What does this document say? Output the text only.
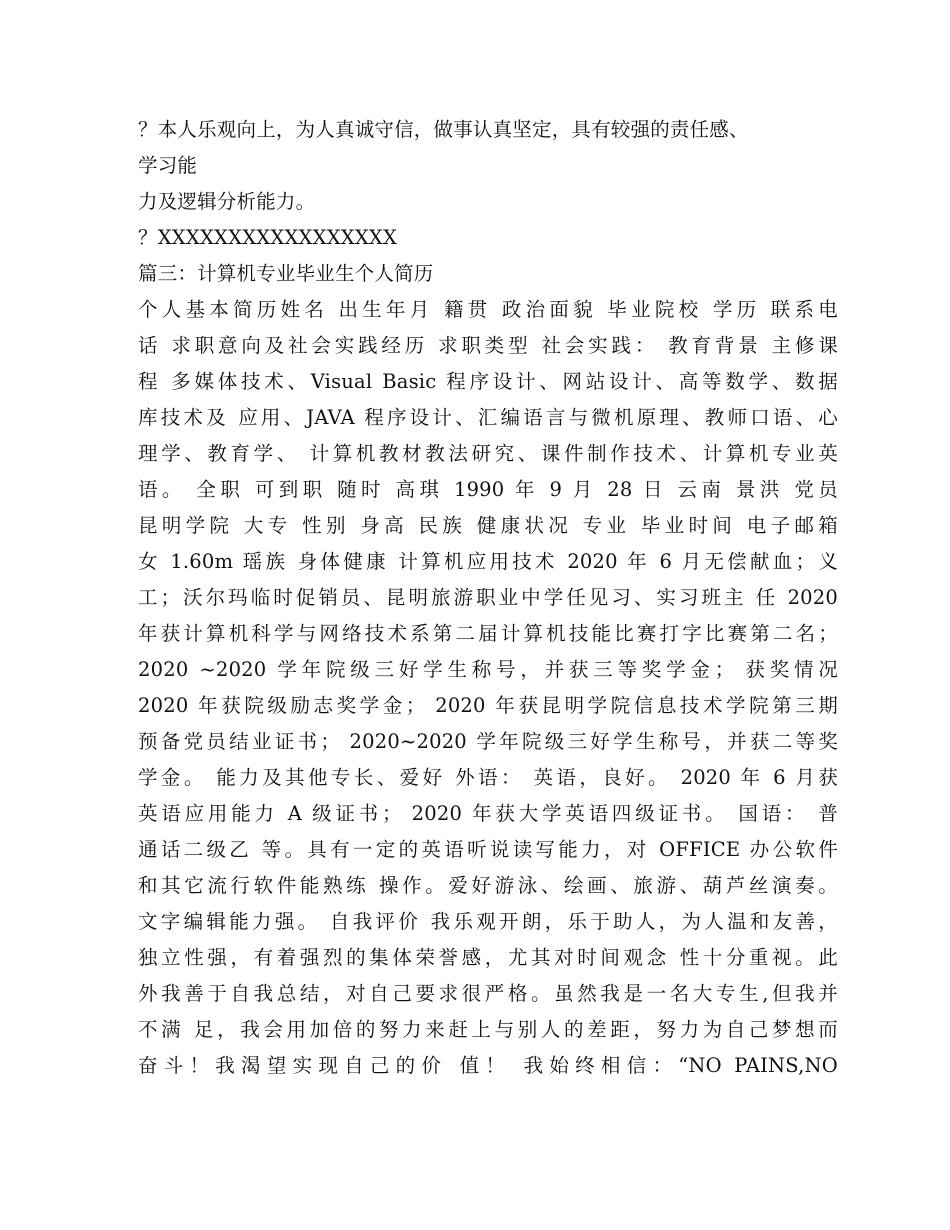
？本人乐观向上，为人真诚守信，做事认真坚定，具有较强的责任感、
学习能
力及逻辑分析能力。
？XXXXXXXXXXXXXXXXX
篇三：计算机专业毕业生个人简历
个人基本简历姓名 出生年月 籍贯 政治面貌 毕业院校 学历 联系电
话 求职意向及社会实践经历 求职类型 社会实践： 教育背景 主修课
程 多媒体技术、Visual Basic 程序设计、网站设计、高等数学、数据
库技术及 应用、JAVA 程序设计、汇编语言与微机原理、教师口语、心
理学、教育学、 计算机教材教法研究、课件制作技术、计算机专业英
语。 全职 可到职 随时 高琪 1990 年 9 月 28 日 云南 景洪 党员
昆明学院 大专 性别 身高 民族 健康状况 专业 毕业时间 电子邮箱
女 1.60m 瑶族 身体健康 计算机应用技术 2020 年 6 月无偿献血；义
工；沃尔玛临时促销员、昆明旅游职业中学任见习、实习班主 任 2020
年获计算机科学与网络技术系第二届计算机技能比赛打字比赛第二名；
2020 ~2020 学年院级三好学生称号，并获三等奖学金； 获奖情况
2020 年获院级励志奖学金； 2020 年获昆明学院信息技术学院第三期
预备党员结业证书； 2020~2020 学年院级三好学生称号，并获二等奖
学金。 能力及其他专长、爱好 外语： 英语，良好。 2020 年 6 月获
英语应用能力 A 级证书； 2020 年获大学英语四级证书。 国语： 普
通话二级乙 等。具有一定的英语听说读写能力，对 OFFICE 办公软件
和其它流行软件能熟练 操作。爱好游泳、绘画、旅游、葫芦丝演奏。
文字编辑能力强。 自我评价 我乐观开朗，乐于助人，为人温和友善，
独立性强，有着强烈的集体荣誉感，尤其对时间观念 性十分重视。此
外我善于自我总结，对自己要求很严格。虽然我是一名大专生,但我并
不满 足，我会用加倍的努力来赶上与别人的差距，努力为自己梦想而
奋斗！我渴望实现自己的价 值！ 我始终相信：“NO PAINS,NO
